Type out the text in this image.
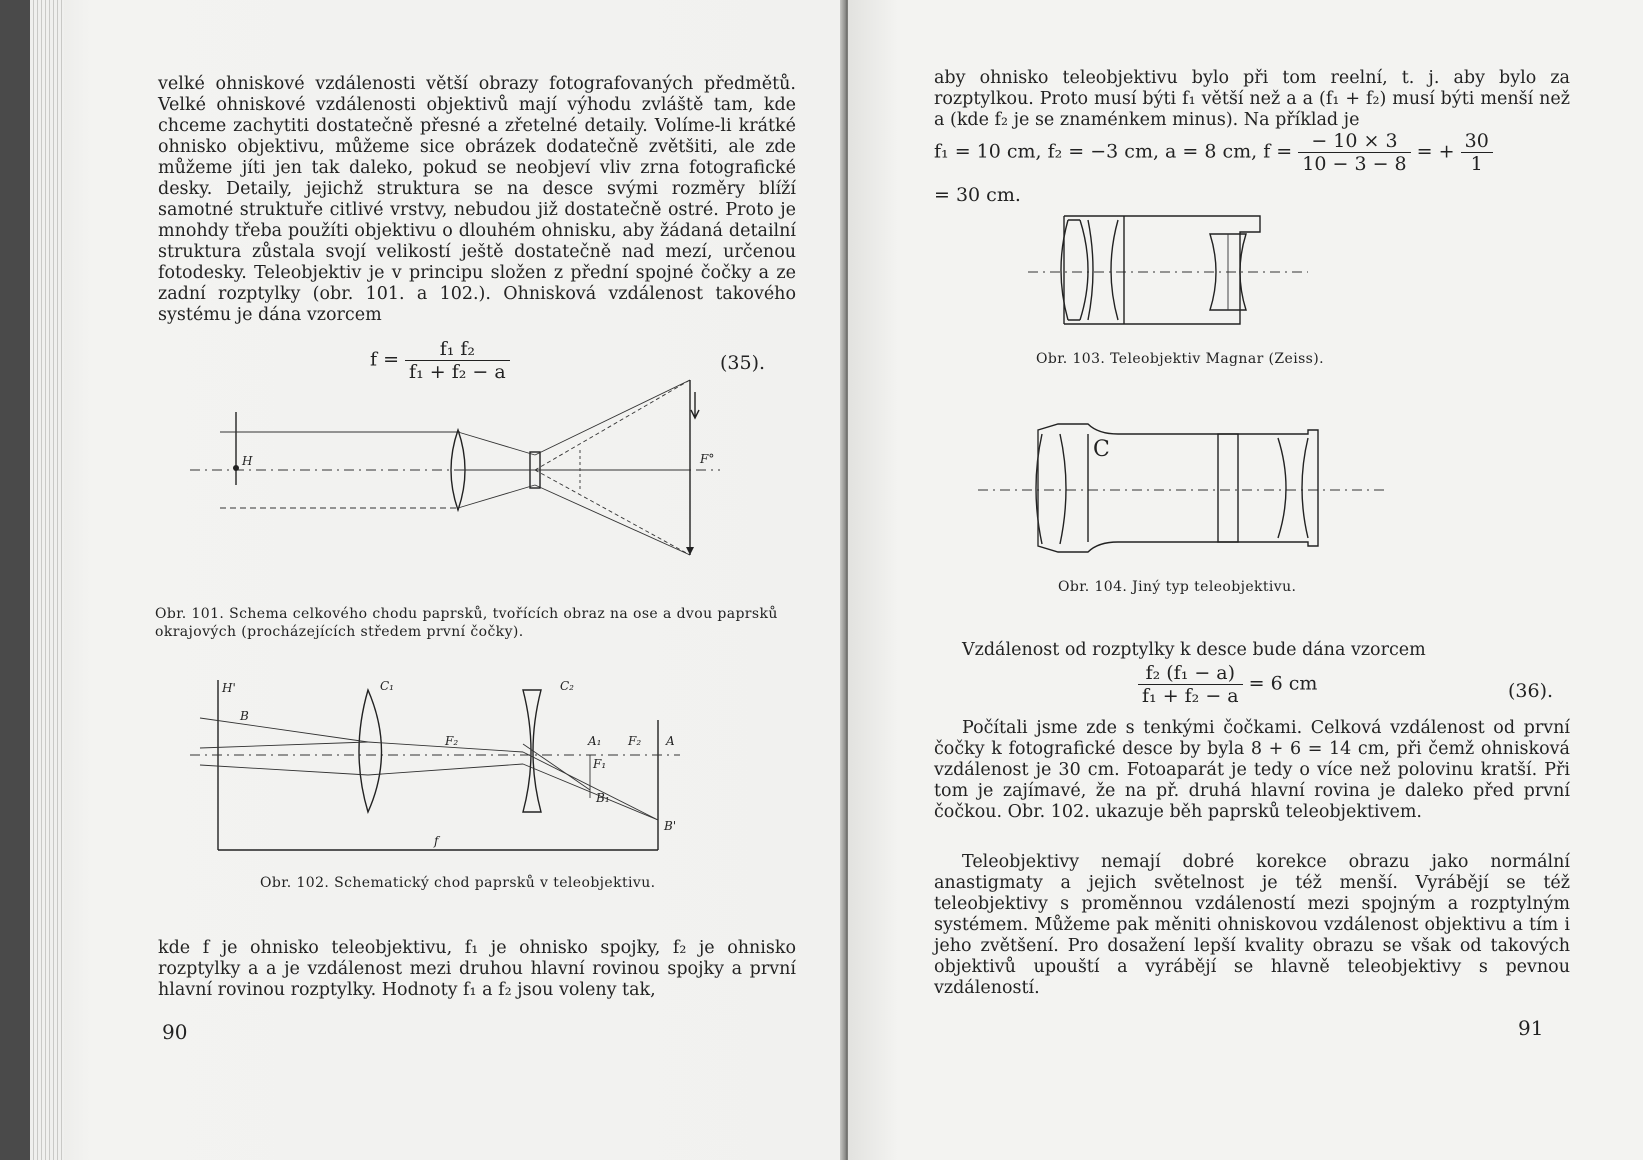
velké ohniskové vzdálenosti větší obrazy fotografovaných předmětů. Velké ohniskové vzdálenosti objektivů mají výhodu zvláště tam, kde chceme zachytiti dostatečně přesné a zřetelné detaily. Volíme-li krátké ohnisko objektivu, můžeme sice obrázek dodatečně zvětšiti, ale zde můžeme jíti jen tak daleko, pokud se neobjeví vliv zrna fotografické desky. Detaily, jejichž struktura se na desce svými rozměry blíží samotné struktuře citlivé vrstvy, nebudou již dostatečně ostré. Proto je mnohdy třeba použíti objektivu o dlouhém ohnisku, aby žádaná detailní struktura zůstala svojí velikostí ještě dostatečně nad mezí, určenou fotodesky. Teleobjektiv je v principu složen z přední spojné čočky a ze zadní rozptylky (obr. 101. a 102.). Ohnisková vzdálenost takového systému je dána vzorcem

$f = \frac{\text{f₁ f₂}}{\text{f₁ + f₂ − a}}$	(35).
H	F°
Obr. 101. Schema celkového chodu paprsků, tvořících obraz na ose a dvou paprsků okrajových (procházejících středem první čočky).
H'	C₁	C₂
B
F₂	A₁
F₁
F₂ A
B₁
B'
f
Obr. 102. Schematický chod paprsků v teleobjektivu.

kde f je ohnisko teleobjektivu, f₁ je ohnisko spojky, f₂ je ohnisko rozptylky a a je vzdálenost mezi druhou hlavní rovinou spojky a první hlavní rovinou rozptylky. Hodnoty f₁ a f₂ jsou voleny tak,

90

aby ohnisko teleobjektivu bylo při tom reelní, t. j. aby bylo za rozptylkou. Proto musí býti f₁ větší než a a (f₁ + f₂) musí býti menší než a (kde f₂ je se znaménkem minus). Na příklad je

f₁ = 10 cm, f₂ = −3 cm, a = 8 cm, $f = \frac{- 10 \times 3}{10 - 3 - 8}$ = + $\frac{30}{1}$
= 30 cm.
Obr. 103. Teleobjektiv Magnar (Zeiss).
C
Obr. 104. Jiný typ teleobjektivu.

Vzdálenost od rozptylky k desce bude dána vzorcem

$\frac{\text{f₂ (f₁ − a)}}{\text{f₁ + f₂ − a}} = 6$ cm	(36).

Počítali jsme zde s tenkými čočkami. Celková vzdálenost od první čočky k fotografické desce by byla 8 + 6 = 14 cm, při čemž ohnisková vzdálenost je 30 cm. Fotoaparát je tedy o více než polovinu kratší. Při tom je zajímavé, že na př. druhá hlavní rovina je daleko před první čočkou. Obr. 102. ukazuje běh paprsků teleobjektivem.

Teleobjektivy nemají dobré korekce obrazu jako normální anastigmaty a jejich světelnost je též menší. Vyrábějí se též teleobjektivy s proměnnou vzdáleností mezi spojným a rozptylným systémem. Můžeme pak měniti ohniskovou vzdálenost objektivu a tím i jeho zvětšení. Pro dosažení lepší kvality obrazu se však od takových objektivů upouští a vyrábějí se hlavně teleobjektivy s pevnou vzdáleností.

91
